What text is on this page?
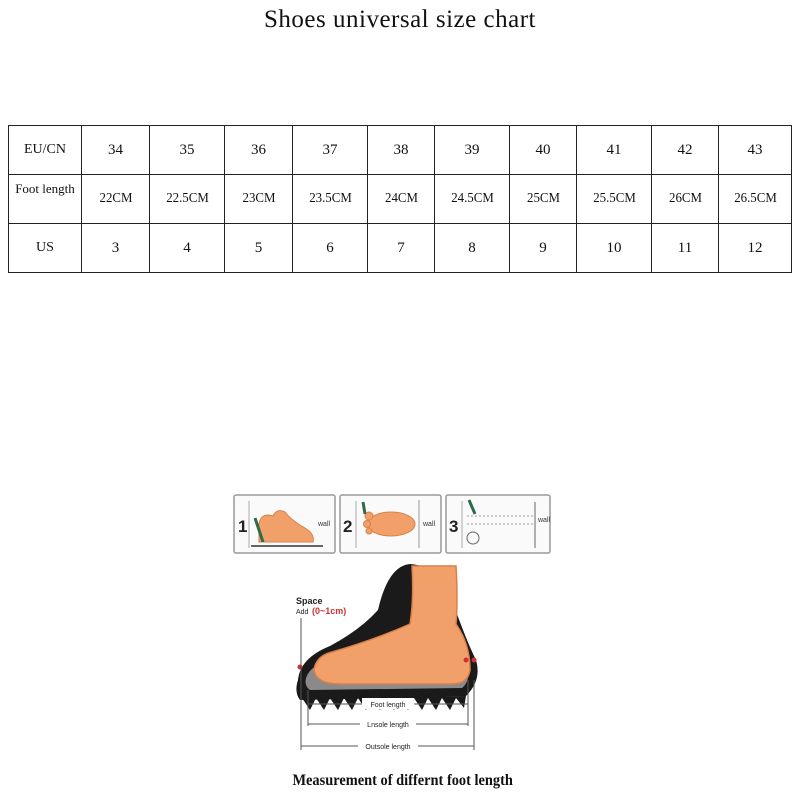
Shoes universal size chart
EU/CN	34	35	36	37	38	39	40	41	42	43
Foot length	22CM	22.5CM	23CM	23.5CM	24CM	24.5CM	25CM	25.5CM	26CM	26.5CM
US	3	4	5	6	7	8	9	10	11	12
1	wall 2	wall 3	wall
Space
Add (0~1cm)
Foot length
Lnsole length
Outsole length
Measurement of differnt foot length
